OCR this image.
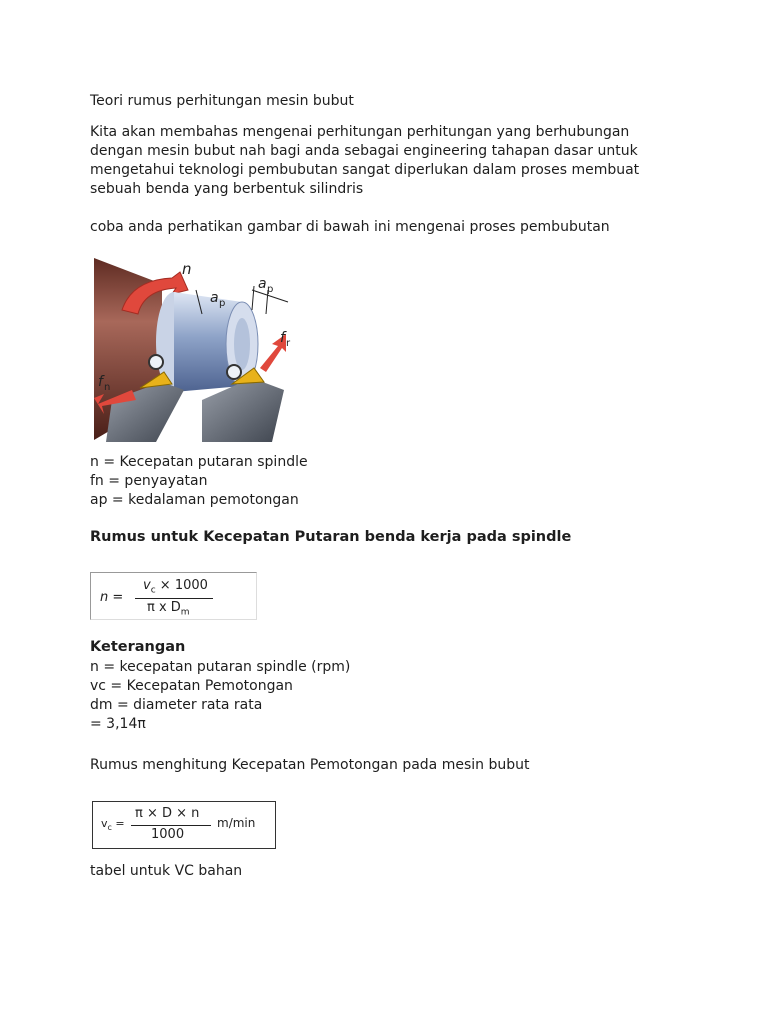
Teori rumus perhitungan mesin bubut
Kita akan membahas mengenai perhitungan perhitungan yang berhubungan
dengan mesin bubut nah bagi anda sebagai engineering tahapan dasar untuk
mengetahui teknologi pembubutan sangat diperlukan dalam proses membuat
sebuah benda yang berbentuk silindris
coba anda perhatikan gambar di bawah ini mengenai proses pembubutan
n
a p
a p
f r
f n
n = Kecepatan putaran spindle
fn = penyayatan
ap = kedalaman pemotongan
Rumus untuk Kecepatan Putaran benda kerja pada spindle
n =
$v_c \times 1000$
π x $D_m$
Keterangan
n = kecepatan putaran spindle (rpm)
vc = Kecepatan Pemotongan
dm = diameter rata rata
= 3,14π
Rumus menghitung Kecepatan Pemotongan pada mesin bubut
$v_c$ =
π × D × n
1000
m/min
tabel untuk VC bahan
